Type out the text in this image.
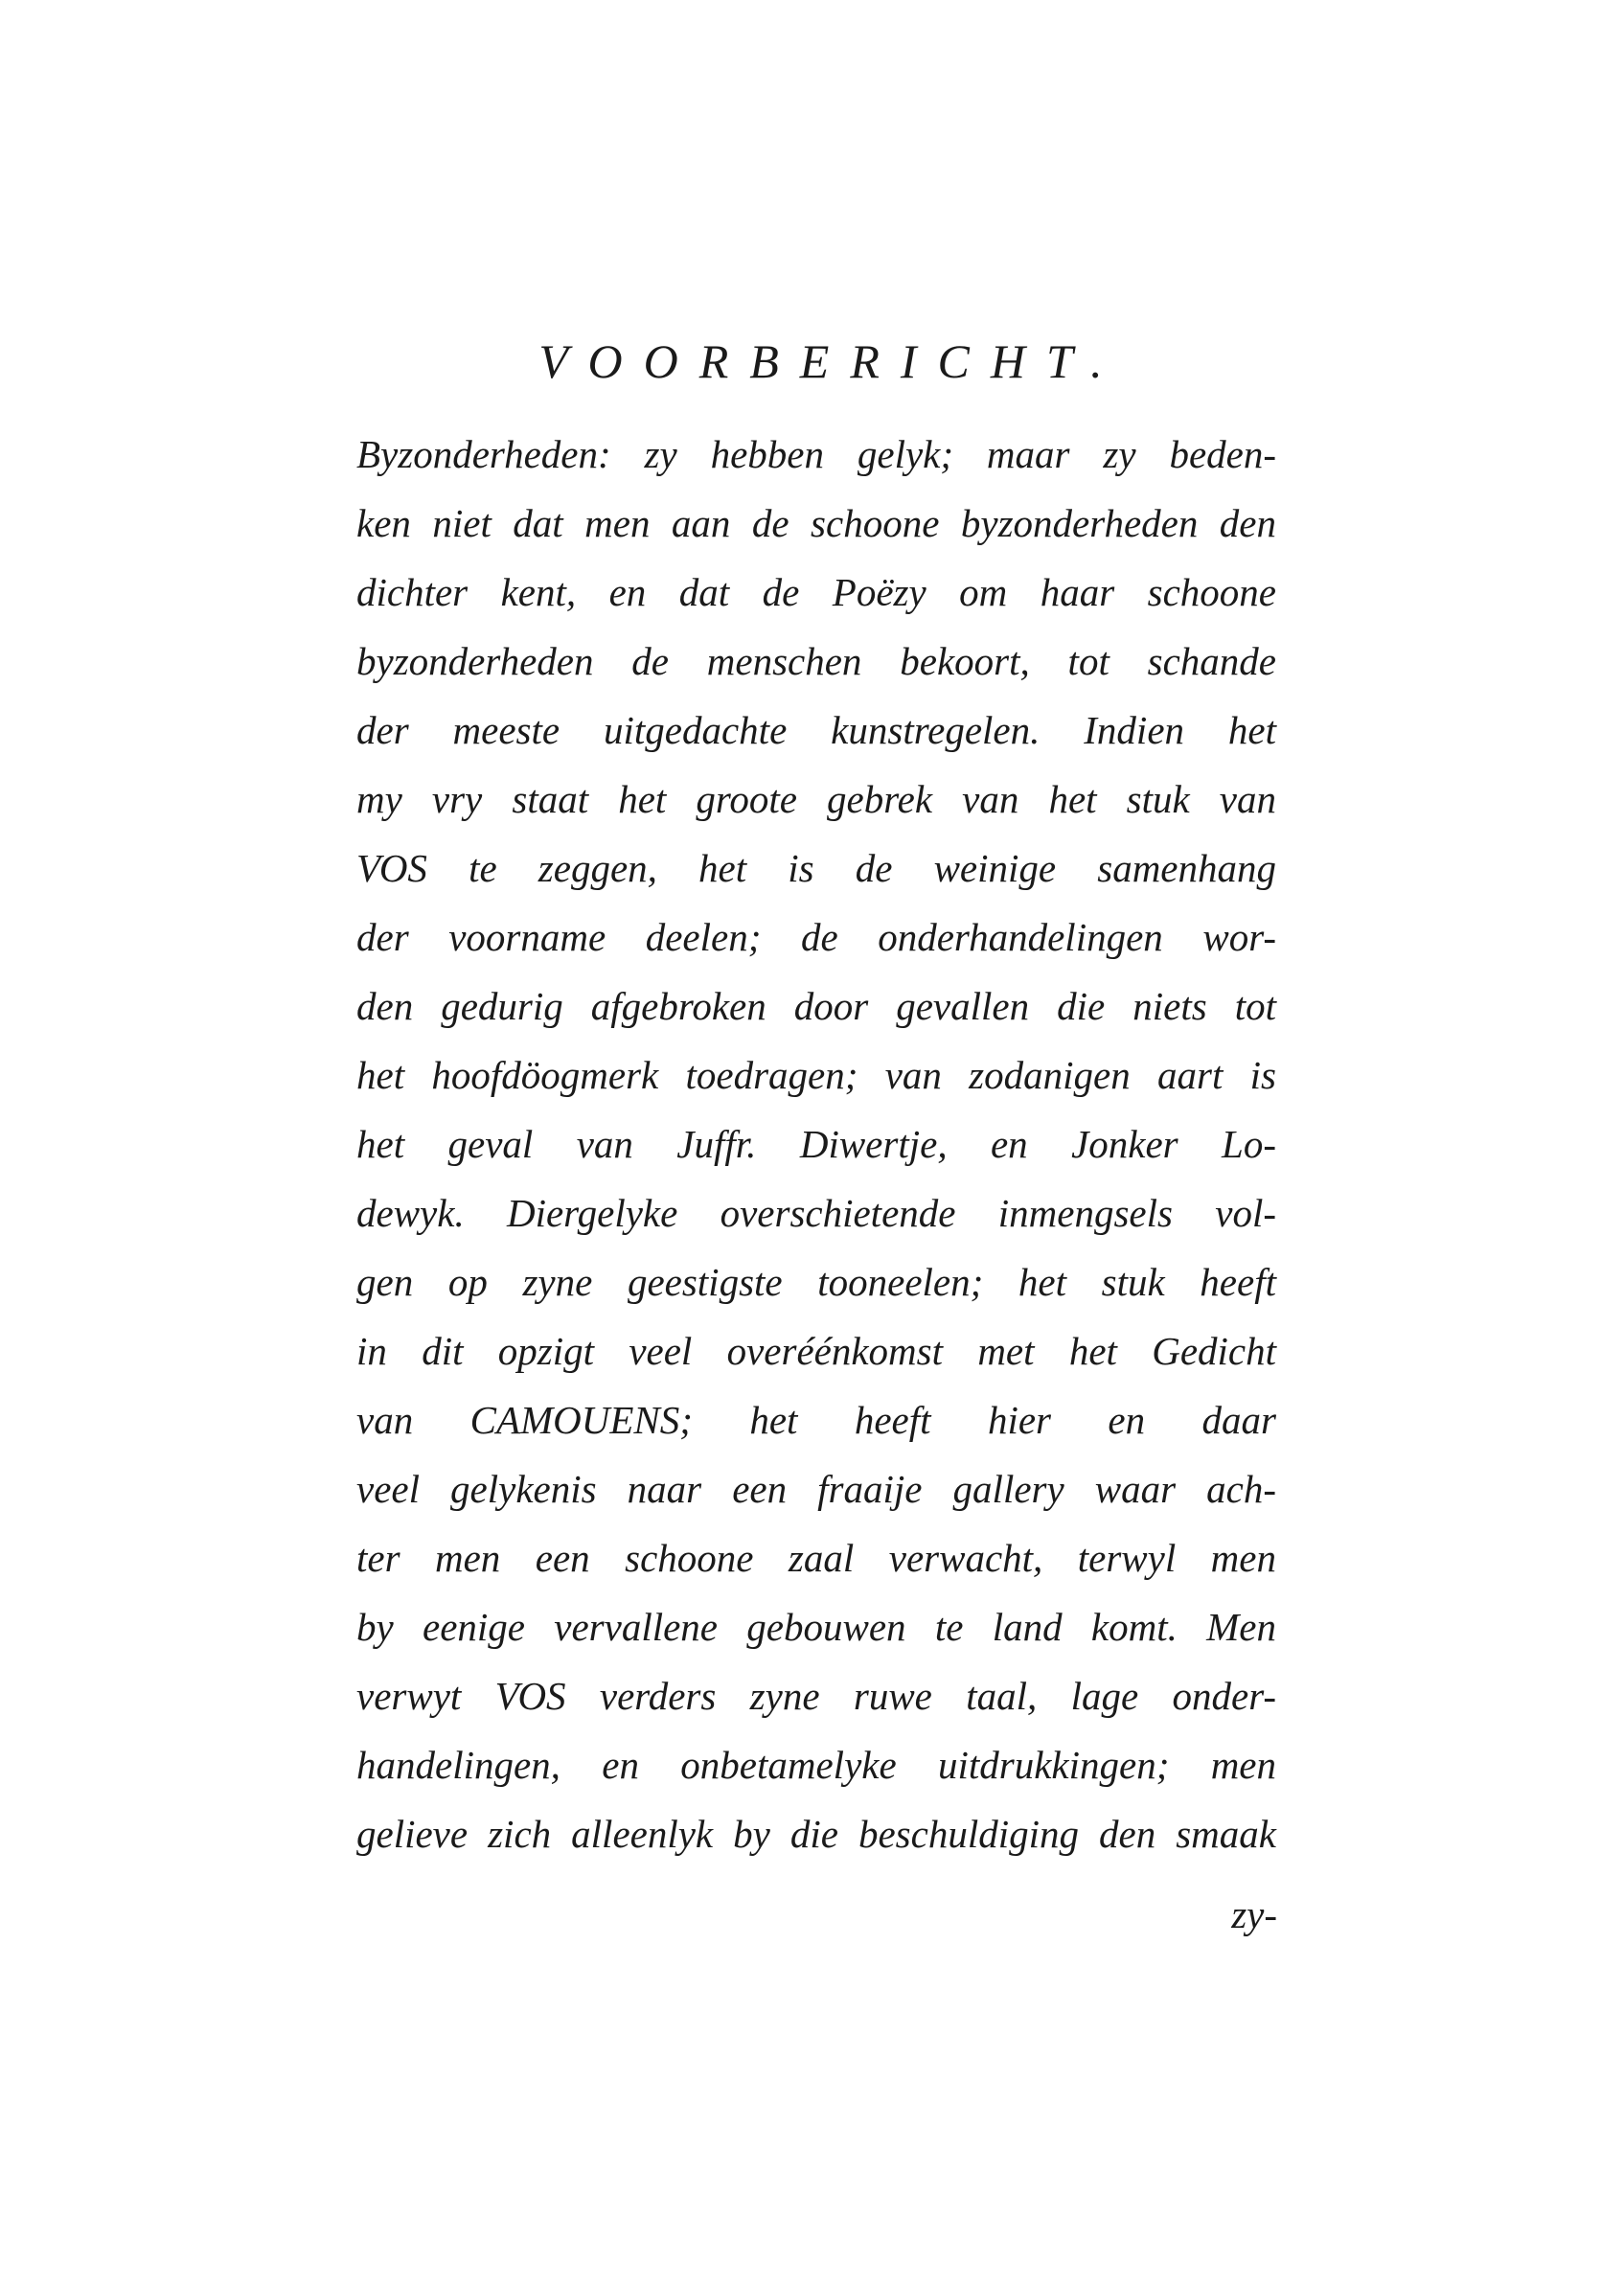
VOORBERICHT.
Byzonderheden: zy hebben gelyk; maar zy beden-
ken niet dat men aan de schoone byzonderheden den
dichter kent, en dat de Poëzy om haar schoone
byzonderheden de menschen bekoort, tot schande
der meeste uitgedachte kunstregelen. Indien het
my vry staat het groote gebrek van het stuk van
VOS te zeggen, het is de weinige samenhang
der voorname deelen; de onderhandelingen wor-
den gedurig afgebroken door gevallen die niets tot
het hoofdöogmerk toedragen; van zodanigen aart is
het geval van Juffr. Diwertje, en Jonker Lo-
dewyk. Diergelyke overschietende inmengsels vol-
gen op zyne geestigste tooneelen; het stuk heeft
in dit opzigt veel overéénkomst met het Gedicht
van CAMOUENS; het heeft hier en daar
veel gelykenis naar een fraaije gallery waar ach-
ter men een schoone zaal verwacht, terwyl men
by eenige vervallene gebouwen te land komt. Men
verwyt VOS verders zyne ruwe taal, lage onder-
handelingen, en onbetamelyke uitdrukkingen; men
gelieve zich alleenlyk by die beschuldiging den smaak
zy-
